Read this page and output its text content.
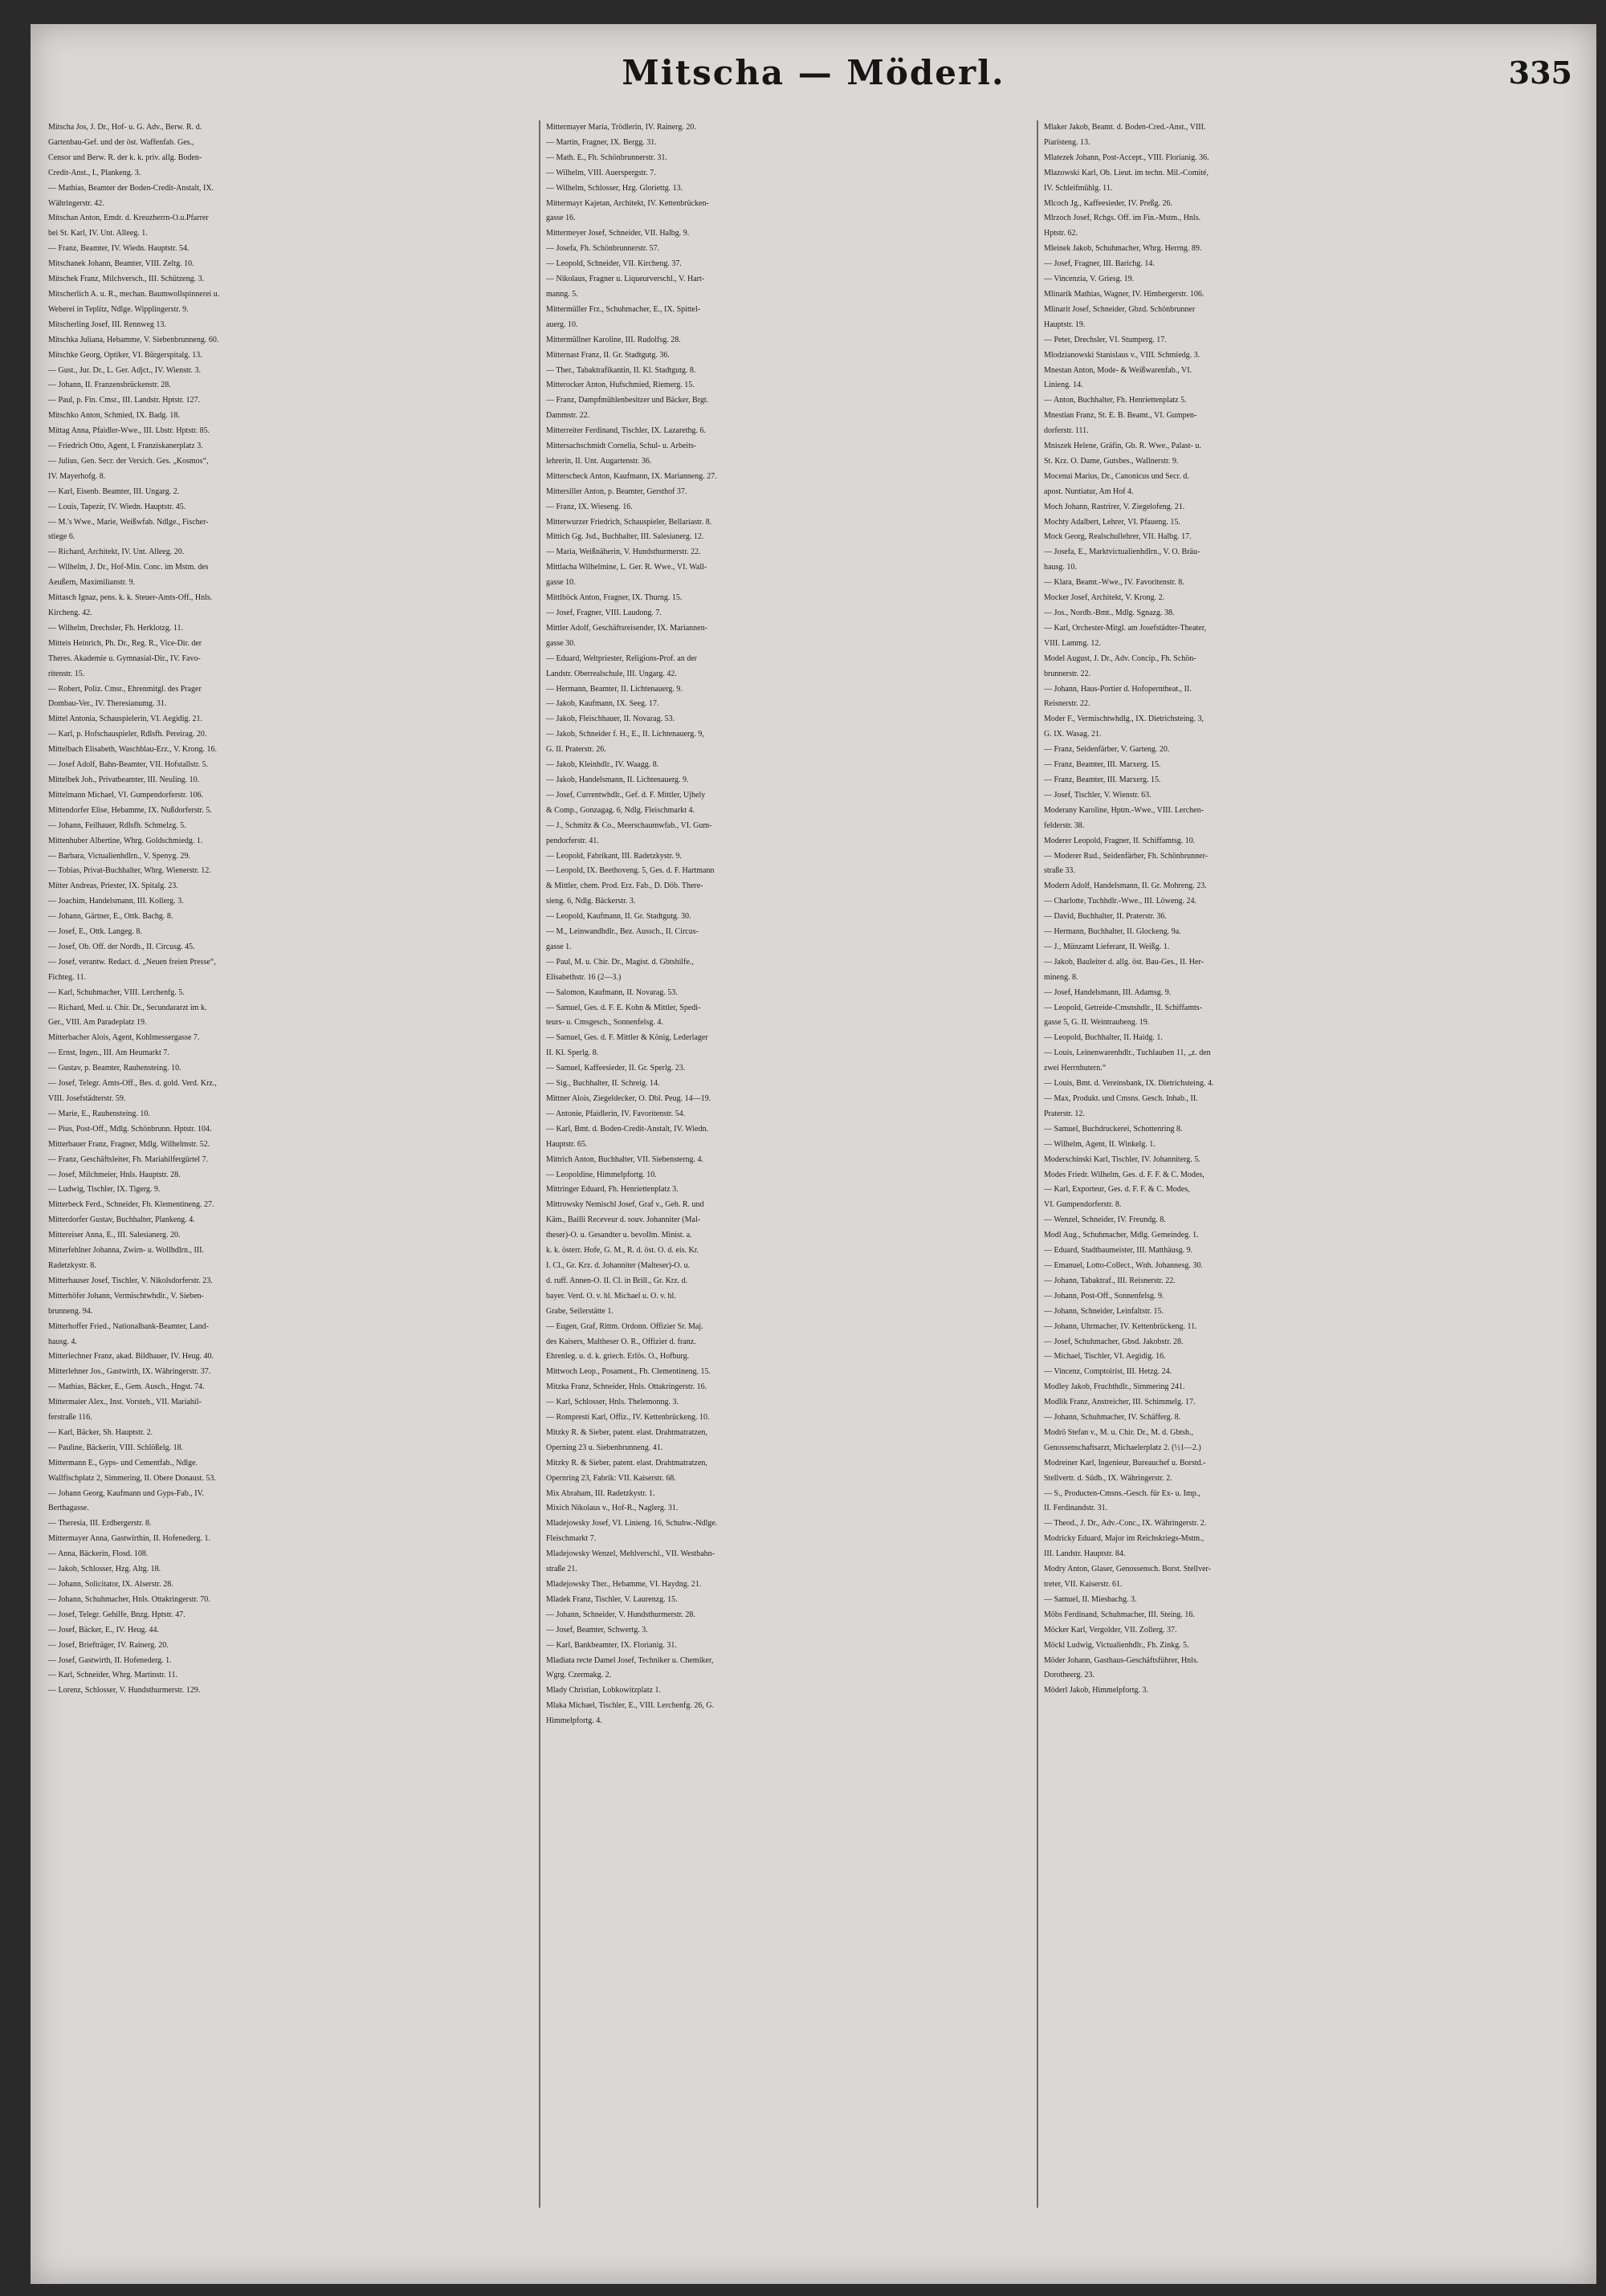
Mitscha — Möderl.	335
Mitscha Jos, J. Dr., Hof- u. G. Adv., Berw. R. d.
Gartenbau-Gef. und der öst. Waffenfab. Ges.,
Censor und Berw. R. der k. k. priv. allg. Boden-
Credit-Anst., I., Plankeng. 3.
— Mathias, Beamter der Boden-Credit-Anstalt, IX.
Währingerstr. 42.
Mitschan Anton, Emdr. d. Kreuzherrn-O.u.Pfarrer
bei St. Karl, IV. Unt. Alleeg. 1.
— Franz, Beamter, IV. Wiedn. Hauptstr. 54.
Mitschanek Johann, Beamter, VIII. Zeltg. 10.
Mitschek Franz, Milchversch., III. Schützeng. 3.
Mitscherlich A. u. R., mechan. Baumwollspinnerei u.
Weberei in Teplitz, Ndlge. Wipplingerstr. 9.
Mitscherling Josef, III. Rennweg 13.
Mitschka Juliana, Hebamme, V. Siebenbrunneng. 60.
Mitschke Georg, Optiker, VI. Bürgerspitalg. 13.
— Gust., Jur. Dr., L. Ger. Adjct., IV. Wienstr. 3.
— Johann, II. Franzensbrückenstr. 28.
— Paul, p. Fin. Cmsr., III. Landstr. Hptstr. 127.
Mitschko Anton, Schmied, IX. Badg. 18.
Mittag Anna, Pfaidler-Wwe., III. Lbstr. Hptstr. 85.
— Friedrich Otto, Agent, I. Franziskanerplatz 3.
— Julius, Gen. Secr. der Versich. Ges. „Kosmos“,
IV. Mayerhofg. 8.
— Karl, Eisenb. Beamter, III. Ungarg. 2.
— Louis, Tapezir, IV. Wiedn. Hauptstr. 45.
— M.'s Wwe., Marie, Weißwfab. Ndlge., Fischer-
stiege 6.
— Richard, Architekt, IV. Unt. Alleeg. 20.
— Wilhelm, J. Dr., Hof-Min. Conc. im Mstm. des
Aeußern, Maximilianstr. 9.
Mittasch Ignaz, pens. k. k. Steuer-Amts-Off., Hnls.
Kircheng. 42.
— Wilhelm, Drechsler, Fh. Herklotzg. 11.
Mitteis Heinrich, Ph. Dr., Reg. R., Vice-Dir. der
Theres. Akademie u. Gymnasial-Dir., IV. Favo-
ritenstr. 15.
— Robert, Poliz. Cmsr., Ehrenmitgl. des Prager
Dombau-Ver., IV. Theresianumg. 31.
Mittel Antonia, Schauspielerin, VI. Aegidig. 21.
— Karl, p. Hofschauspieler, Rdlsfh. Pereirag. 20.
Mittelbach Elisabeth, Waschblau-Erz., V. Krong. 16.
— Josef Adolf, Bahn-Beamter, VII. Hofstallstr. 5.
Mittelbek Joh., Privatbeamter, III. Neuling. 10.
Mittelmann Michael, VI. Gumpendorferstr. 106.
Mittendorfer Elise, Hebamme, IX. Nußdorferstr. 5.
— Johann, Feilhauer, Rdlsfh. Schmelzg. 5.
Mittenhuber Albertine, Whrg. Goldschmiedg. 1.
— Barbara, Victualienhdlrn., V. Spenyg. 29.
— Tobias, Privat-Buchhalter, Whrg. Wienerstr. 12.
Mitter Andreas, Priester, IX. Spitalg. 23.
— Joachim, Handelsmann, III. Kollerg. 3.
— Johann, Gärtner, E., Ottk. Bachg. 8.
— Josef, E., Ottk. Langeg. 8.
— Josef, Ob. Off. der Nordb., II. Circusg. 45.
— Josef, verantw. Redact. d. „Neuen freien Presse“,
Fichteg. 11.
— Karl, Schuhmacher, VIII. Lerchenfg. 5.
— Richard, Med. u. Chir. Dr., Secundararzt im k.
Ger., VIII. Am Paradeplatz 19.
Mitterbacher Alois, Agent, Kohlmessergasse 7.
— Ernst, Ingen., III. Am Heumarkt 7.
— Gustav, p. Beamter, Rauhensteing. 10.
— Josef, Telegr. Amts-Off., Bes. d. gold. Verd. Krz.,
VIII. Josefstädterstr. 59.
— Marie, E., Rauhensteing. 10.
— Pius, Post-Off., Mdlg. Schönbrunn. Hptstr. 104.
Mitterbauer Franz, Fragner, Mdlg. Wilhelmstr. 52.
— Franz, Geschäftsleiter, Fh. Mariahilfergürtel 7.
— Josef, Milchmeier, Hnls. Hauptstr. 28.
— Ludwig, Tischler, IX. Tigerg. 9.
Mitterbeck Ferd., Schneider, Fh. Klementineng. 27.
Mitterdorfer Gustav, Buchhalter, Plankeng. 4.
Mittereiser Anna, E., III. Salesianerg. 20.
Mitterfehlner Johanna, Zwirn- u. Wollhdlrn., III.
Radetzkystr. 8.
Mitterhauser Josef, Tischler, V. Nikolsdorferstr. 23.
Mitterhöfer Johann, Vermischtwhdlr., V. Sieben-
brunneng. 94.
Mitterhoffer Fried., Nationalbank-Beamter, Land-
hausg. 4.
Mitterlechner Franz, akad. Bildhauer, IV. Heug. 40.
Mitterlehner Jos., Gastwirth, IX. Währingerstr. 37.
— Mathias, Bäcker, E., Gem. Ausch., Hngst. 74.
Mittermaier Alex., Inst. Vorsteh., VII. Mariahil-
ferstraße 116.
— Karl, Bäcker, Sh. Hauptstr. 2.
— Pauline, Bäckerin, VIII. Schlößelg. 18.
Mittermann E., Gyps- und Cementfab., Ndlge.
Wallfischplatz 2, Simmering, II. Obere Donaust. 53.
— Johann Georg, Kaufmann und Gyps-Fab., IV.
Berthagasse.
— Theresia, III. Erdbergerstr. 8.
Mittermayer Anna, Gastwirthin, II. Hofenederg. 1.
— Anna, Bäckerin, Flosd. 108.
— Jakob, Schlosser, Hzg. Altg. 18.
— Johann, Solicitator, IX. Alserstr. 28.
— Johann, Schuhmacher, Hnls. Ottakringerstr. 70.
— Josef, Telegr. Gehilfe, Bnzg. Hptstr. 47.
— Josef, Bäcker, E., IV. Heug. 44.
— Josef, Briefträger, IV. Rainerg. 20.
— Josef, Gastwirth, II. Hofenederg. 1.
— Karl, Schneider, Whrg. Martinstr. 11.
— Lorenz, Schlosser, V. Hundsthurmerstr. 129.
Mittermayer Maria, Trödlerin, IV. Rainerg. 20.
— Martin, Fragner, IX. Bergg. 31.
— Math. E., Fh. Schönbrunnerstr. 31.
— Wilhelm, VIII. Auerspergstr. 7.
— Wilhelm, Schlosser, Hzg. Gloriettg. 13.
Mittermayr Kajetan, Architekt, IV. Kettenbrücken-
gasse 16.
Mittermeyer Josef, Schneider, VII. Halbg. 9.
— Josefa, Fh. Schönbrunnerstr. 57.
— Leopold, Schneider, VII. Kircheng. 37.
— Nikolaus, Fragner u. Liqueurverschl., V. Hart-
manng. 5.
Mittermüller Frz., Schuhmacher, E., IX. Spittel-
auerg. 10.
Mittermüllner Karoline, III. Rudolfsg. 28.
Mitternast Franz, II. Gr. Stadtgutg. 36.
— Ther., Tabaktrafikantin, II. Kl. Stadtgutg. 8.
Mitterocker Anton, Hufschmied, Riemerg. 15.
— Franz, Dampfmühlenbesitzer und Bäcker, Brgt.
Dammstr. 22.
Mitterreiter Ferdinand, Tischler, IX. Lazarethg. 6.
Mittersachschmidt Cornelia, Schul- u. Arbeits-
lehrerin, II. Unt. Augartenstr. 36.
Mitterscheck Anton, Kaufmann, IX. Marianneng. 27.
Mittersiller Anton, p. Beamter, Gersthof 37.
— Franz, IX. Wieseng. 16.
Mitterwurzer Friedrich, Schauspieler, Bellariastr. 8.
Mittich Gg. Jsd., Buchhalter, III. Salesianerg. 12.
— Maria, Weißnäherin, V. Hundsthurmerstr. 22.
Mittlacha Wilhelmine, L. Ger. R. Wwe., VI. Wall-
gasse 10.
Mittlböck Anton, Fragner, IX. Thurng. 15.
— Josef, Fragner, VIII. Laudong. 7.
Mittler Adolf, Geschäftsreisender, IX. Mariannen-
gasse 30.
— Eduard, Weltpriester, Religions-Prof. an der
Landstr. Oberrealschule, III. Ungarg. 42.
— Hermann, Beamter, II. Lichtenauerg. 9.
— Jakob, Kaufmann, IX. Seeg. 17.
— Jakob, Fleischhauer, II. Novarag. 53.
— Jakob, Schneider f. H., E., II. Lichtenauerg. 9,
G. II. Praterstr. 26.
— Jakob, Kleinhdlr., IV. Waagg. 8.
— Jakob, Handelsmann, II. Lichtenauerg. 9.
— Josef, Currentwhdlr., Gef. d. F. Mittler, Ujhely
& Comp., Gonzagag. 6, Ndlg. Fleischmarkt 4.
— J., Schmitz & Co., Meerschaumwfab., VI. Gum-
pendorferstr. 41.
— Leopold, Fabrikant, III. Radetzkystr. 9.
— Leopold, IX. Beethoveng. 5, Ges. d. F. Hartmann
& Mittler, chem. Prod. Erz. Fab., D. Döb. There-
sieng. 6, Ndlg. Bäckerstr. 3.
— Leopold, Kaufmann, II. Gr. Stadtgutg. 30.
— M., Leinwandhdlr., Bez. Aussch., II. Circus-
gasse 1.
— Paul, M. u. Chir. Dr., Magist. d. Gbtshilfe.,
Elisabethstr. 16 (2—3.)
— Salomon, Kaufmann, II. Novarag. 53.
— Samuel, Ges. d. F. E. Kohn & Mittler, Spedi-
teurs- u. Cmsgesch., Sonnenfelsg. 4.
— Samuel, Ges. d. F. Mittler & König, Lederlager
II. Kl. Sperlg. 8.
— Samuel, Kaffeesieder, II. Gr. Sperlg. 23.
— Sig., Buchhalter, II. Schreig. 14.
Mittner Alois, Ziegeldecker, O. Dbl. Peug. 14—19.
— Antonie, Pfaidlerin, IV. Favoritenstr. 54.
— Karl, Bmt. d. Boden-Credit-Anstalt, IV. Wiedn.
Hauptstr. 65.
Mittrich Anton, Buchhalter, VII. Siebensterng. 4.
— Leopoldine, Himmelpfortg. 10.
Mittringer Eduard, Fh. Henriettenplatz 3.
Mittrowsky Nemischl Josef, Graf v., Geh. R. und
Käm., Bailli Receveur d. souv. Johanniter (Mal-
theser)-O. u. Gesandter u. bevollm. Minist. a.
k. k. österr. Hofe, G. M., R. d. öst. O. d. eis. Kr.
I. Cl., Gr. Krz. d. Johanniter (Malteser)-O. u.
d. ruff. Annen-O. II. Cl. in Brill., Gr. Krz. d.
bayer. Verd. O. v. hl. Michael u. O. v. hl.
Grabe, Seilerstätte 1.
— Eugen, Graf, Rittm. Ordonn. Offizier Sr. Maj.
des Kaisers, Maltheser O. R., Offizier d. franz.
Ehrenleg. u. d. k. griech. Erlös. O., Hofburg.
Mittwoch Leop., Posament., Fh. Clementineng. 15.
Mitzka Franz, Schneider, Hnls. Ottakringerstr. 16.
— Karl, Schlosser, Hnls. Thelemonng. 3.
— Rompresti Karl, Offiz., IV. Kettenbrückeng. 10.
Mitzky R. & Sieber, patent. elast. Drahtmatratzen,
Operning 23 u. Siebenbrunneng. 41.
Mitzky R. & Sieber, patent. elast. Drahtmatratzen,
Opernring 23, Fabrik: VII. Kaiserstr. 68.
Mix Abraham, III. Radetzkystr. 1.
Mixich Nikolaus v., Hof-R., Naglerg. 31.
Mladejowsky Josef, VI. Linieng. 16, Schuhw.-Ndlge.
Fleischmarkt 7.
Mladejowsky Wenzel, Mehlverschl., VII. Westbahn-
straße 21.
Mladejowsky Ther., Hebamme, VI. Haydng. 21.
Mladek Franz, Tischler, V. Laurenzg. 15.
— Johann, Schneider, V. Hundsthurmerstr. 28.
— Josef, Beamter, Schwertg. 3.
— Karl, Bankbeamter, IX. Florianig. 31.
Mladiata recte Damel Josef, Techniker u. Chemiker,
Wgrg. Czermakg. 2.
Mlady Christian, Lobkowitzplatz 1.
Mlaka Michael, Tischler, E., VIII. Lerchenfg. 26, G.
Himmelpfortg. 4.
Mlaker Jakob, Beamt. d. Boden-Cred.-Anst., VIII.
Piaristeng. 13.
Mlatezek Johann, Post-Accept., VIII. Florianig. 36.
Mlazowski Karl, Ob. Lieut. im techn. Mil.-Comité,
IV. Schleifmühlg. 11.
Mlcoch Jg., Kaffeesieder, IV. Preßg. 26.
Mlrzoch Josef, Rchgs. Off. im Fin.-Mstm., Hnls.
Hptstr. 62.
Mleinek Jakob, Schuhmacher, Whrg. Herrng. 89.
— Josef, Fragner, III. Barichg. 14.
— Vincenzia, V. Griesg. 19.
Mlinarik Mathias, Wagner, IV. Himbergerstr. 106.
Mlinarit Josef, Schneider, Gbzd. Schönbrunner
Hauptstr. 19.
— Peter, Drechsler, VI. Stumperg. 17.
Mlodzianowski Stanislaus v., VIII. Schmiedg. 3.
Mnestan Anton, Mode- & Weißwarenfab., VI.
Linieng. 14.
— Anton, Buchhalter, Fh. Henriettenplatz 5.
Mnestian Franz, St. E. B. Beamt., VI. Gumpen-
dorferstr. 111.
Mniszek Helene, Gräfin, Gb. R. Wwe., Palast- u.
St. Krz. O. Dame, Gutsbes., Wallnerstr. 9.
Mocenui Marius, Dr., Canonicus und Secr. d.
apost. Nuntiatur, Am Hof 4.
Moch Johann, Rastrirer, V. Ziegelofeng. 21.
Mochty Adalbert, Lehrer, VI. Pfaueng. 15.
Mock Georg, Realschullehrer, VII. Halbg. 17.
— Josefa, E., Marktvictualienhdlrn., V. O. Bräu-
hausg. 10.
— Klara, Beamt.-Wwe., IV. Favoritenstr. 8.
Mocker Josef, Architekt, V. Krong. 2.
— Jos., Nordb.-Bmt., Mdlg. Sgnazg. 38.
— Karl, Orchester-Mitgl. am Josefstädter-Theater,
VIII. Lammg. 12.
Model August, J. Dr., Adv. Concip., Fh. Schön-
brunnerstr. 22.
— Johann, Haus-Portier d. Hofoperntheat., II.
Reisnerstr. 22.
Moder F., Vermischtwhdlg., IX. Dietrichsteing. 3,
G. IX. Wasag. 21.
— Franz, Seidenfärber, V. Garteng. 20.
— Franz, Beamter, III. Marxerg. 15.
— Franz, Beamter, III. Marxerg. 15.
— Josef, Tischler, V. Wienstr. 63.
Moderany Karoline, Hptm.-Wwe., VIII. Lerchen-
felderstr. 38.
Moderer Leopold, Fragner, II. Schiffamtsg. 10.
— Moderer Rud., Seidenfärber, Fh. Schönbrunner-
straße 33.
Modern Adolf, Handelsmann, II. Gr. Mohreng. 23.
— Charlotte, Tuchhdlr.-Wwe., III. Löweng. 24.
— David, Buchhalter, II. Praterstr. 36.
— Hermann, Buchhalter, II. Glockeng. 9a.
— J., Münzamt Lieferant, II. Weißg. 1.
— Jakob, Bauleiter d. allg. öst. Bau-Ges., II. Her-
mineng. 8.
— Josef, Handelsmann, III. Adamsg. 9.
— Leopold, Getreide-Cmsnshdlr., II. Schiffamts-
gasse 5, G. II. Weintraubeng. 19.
— Leopold, Buchhalter, II. Haidg. 1.
— Louis, Leinenwarenhdlr., Tuchlauben 11, „z. den
zwei Herrnhutern.“
— Louis, Bmt. d. Vereinsbank, IX. Dietrichsteing. 4.
— Max, Produkt. und Cmsns. Gesch. Inhab., II.
Praterstr. 12.
— Samuel, Buchdruckerei, Schottenring 8.
— Wilhelm, Agent, II. Winkelg. 1.
Moderschinski Karl, Tischler, IV. Johanniterg. 5.
Modes Friedr. Wilhelm, Ges. d. F. F. & C. Modes,
— Karl, Exporteur, Ges. d. F. F. & C. Modes,
VI. Gumpendorferstr. 8.
— Wenzel, Schneider, IV. Freundg. 8.
Modl Aug., Schuhmacher, Mdlg. Gemeindeg. 1.
— Eduard, Stadtbaumeister, III. Matthäusg. 9.
— Emanuel, Lotto-Collect., Wnh. Johannesg. 30.
— Johann, Tabaktraf., III. Reisnerstr. 22.
— Johann, Post-Off., Sonnenfelsg. 9.
— Johann, Schneider, Leinfaltstr. 15.
— Johann, Uhrmacher, IV. Kettenbrückeng. 11.
— Josef, Schuhmacher, Gbsd. Jakobstr. 28.
— Michael, Tischler, VI. Aegidig. 16.
— Vincenz, Comptoirist, III. Hetzg. 24.
Modley Jakob, Fruchthdlr., Simmering 241.
Modlik Franz, Anstreicher, III. Schimmelg. 17.
— Johann, Schuhmacher, IV. Schäfferg. 8.
Modrö Stefan v., M. u. Chir. Dr., M. d. Gbtsh.,
Genossenschaftsarzt, Michaelerplatz 2. (½1—2.)
Modreiner Karl, Ingenieur, Bureauchef u. Borstd.-
Stellvertr. d. Südb., IX. Währingerstr. 2.
— S., Producten-Cmsns.-Gesch. für Ex- u. Imp.,
II. Ferdinandstr. 31.
— Theod., J. Dr., Adv.-Conc., IX. Währingerstr. 2.
Modricky Eduard, Major im Reichskriegs-Mstm.,
III. Landstr. Hauptstr. 84.
Modry Anton, Glaser, Genossensch. Borst. Stellver-
treter, VII. Kaiserstr. 61.
— Samuel, II. Miesbachg. 3.
Möbs Ferdinand, Schuhmacher, III. Steing. 16.
Möcker Karl, Vergolder, VII. Zollerg. 37.
Möckl Ludwig, Victualienhdlr., Fh. Zinkg. 5.
Möder Johann, Gasthaus-Geschäftsführer, Hnls.
Dorotheerg. 23.
Möderl Jakob, Himmelpfortg. 3.
